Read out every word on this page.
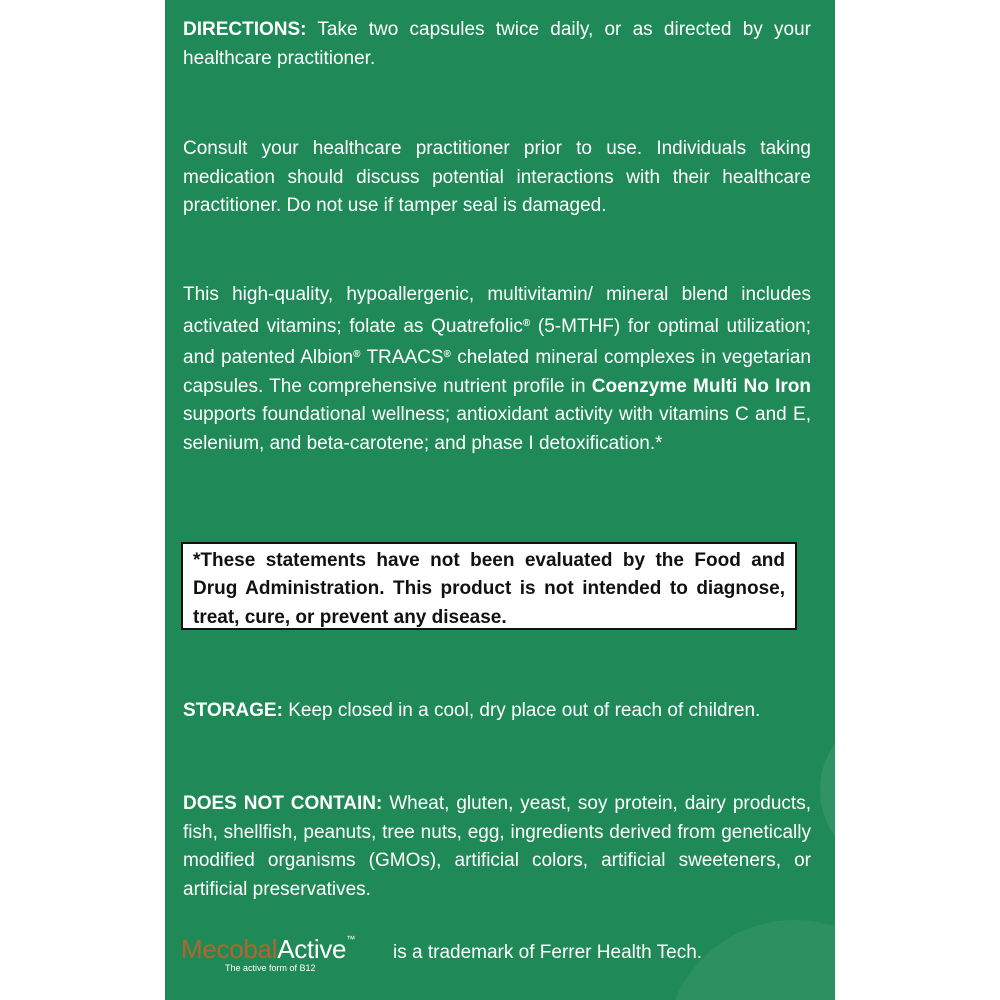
DIRECTIONS: Take two capsules twice daily, or as directed by your healthcare practitioner.
Consult your healthcare practitioner prior to use. Individuals taking medication should discuss potential interactions with their healthcare practitioner. Do not use if tamper seal is damaged.
This high-quality, hypoallergenic, multivitamin/ mineral blend includes activated vitamins; folate as Quatrefolic® (5-MTHF) for optimal utilization; and patented Albion® TRAACS® chelated mineral complexes in vegetarian capsules. The comprehensive nutrient profile in Coenzyme Multi No Iron supports foundational wellness; antioxidant activity with vitamins C and E, selenium, and beta-carotene; and phase I detoxification.*
*These statements have not been evaluated by the Food and Drug Administration. This product is not intended to diagnose, treat, cure, or prevent any disease.
STORAGE: Keep closed in a cool, dry place out of reach of children.
DOES NOT CONTAIN: Wheat, gluten, yeast, soy protein, dairy products, fish, shellfish, peanuts, tree nuts, egg, ingredients derived from genetically modified organisms (GMOs), artificial colors, artificial sweeteners, or artificial preservatives.
MecobalActive™
The active form of B12
is a trademark of Ferrer Health Tech.
